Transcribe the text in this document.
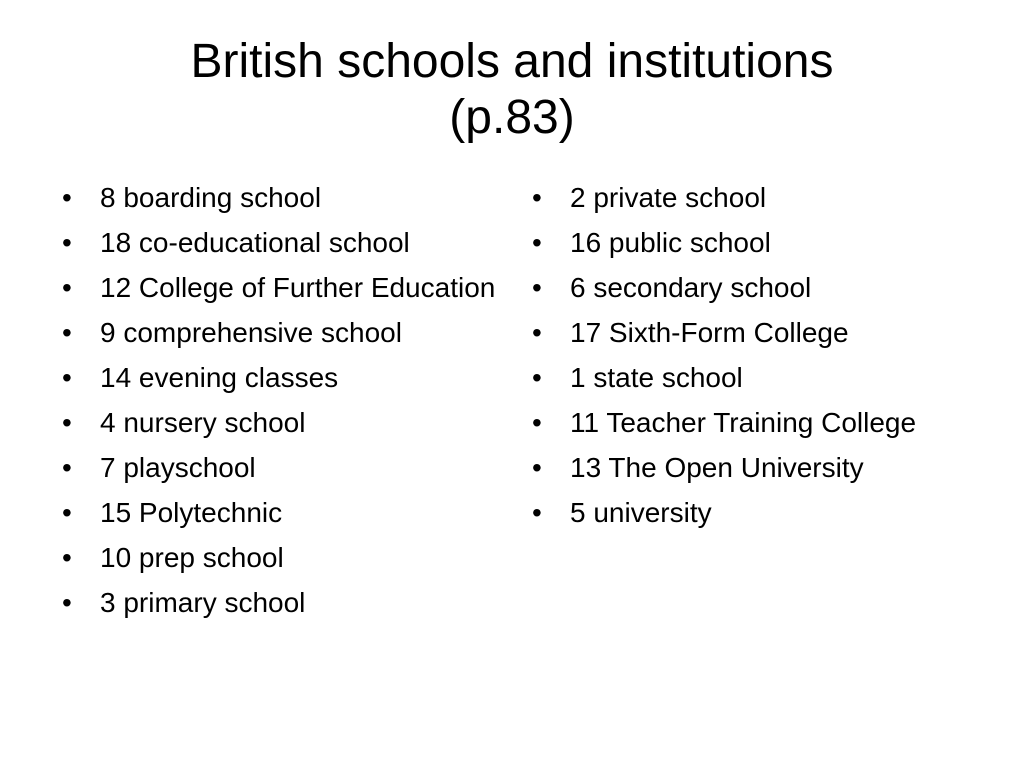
British schools and institutions
(p.83)
•	8 boarding school
•	18 co-educational school
•	12 College of Further Education
•	9 comprehensive school
•	14 evening classes
•	4 nursery school
•	7 playschool
•	15 Polytechnic
•	10 prep school
•	3 primary school
•	2 private school
•	16 public school
•	6 secondary school
•	17 Sixth-Form College
•	1 state school
•	11 Teacher Training College
•	13 The Open University
•	5 university
